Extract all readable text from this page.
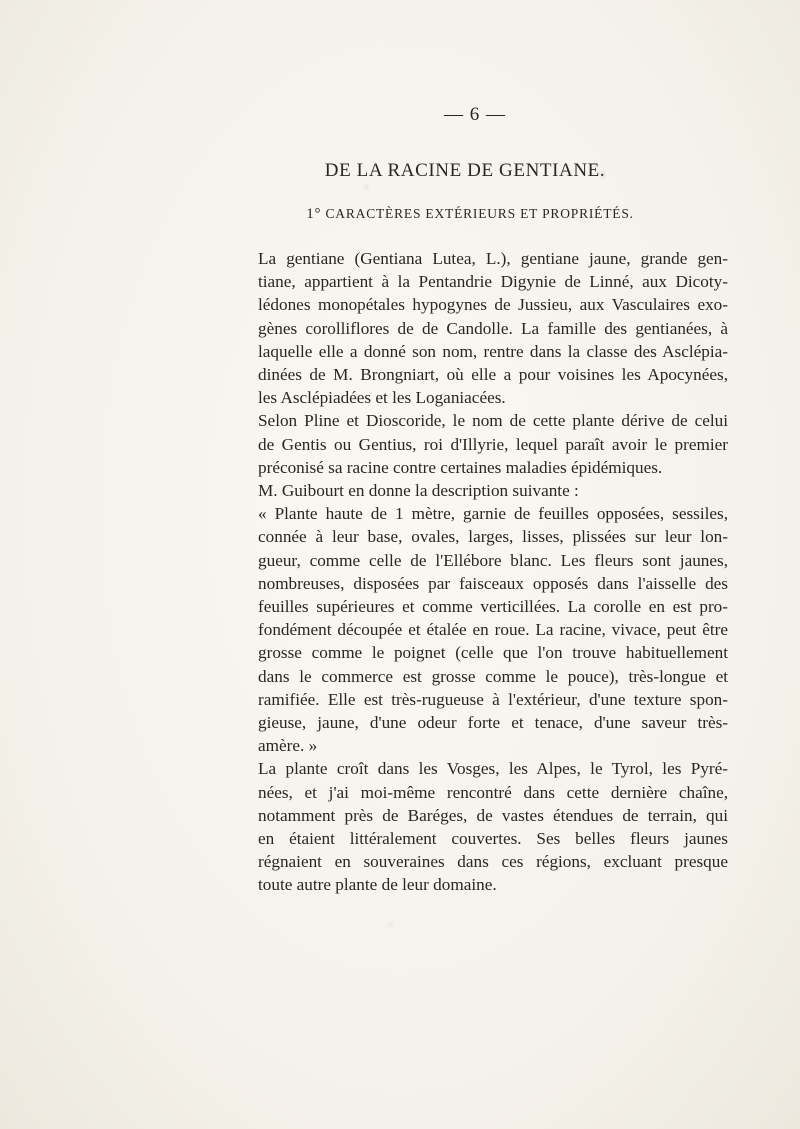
— 6 —
DE LA RACINE DE GENTIANE.
1° CARACTÈRES EXTÉRIEURS ET PROPRIÉTÉS.
La gentiane (Gentiana Lutea, L.), gentiane jaune, grande gen-
tiane, appartient à la Pentandrie Digynie de Linné, aux Dicoty-
lédones monopétales hypogynes de Jussieu, aux Vasculaires exo-
gènes corolliflores de de Candolle. La famille des gentianées, à
laquelle elle a donné son nom, rentre dans la classe des Asclépia-
dinées de M. Brongniart, où elle a pour voisines les Apocynées,
les Asclépiadées et les Loganiacées.
Selon Pline et Dioscoride, le nom de cette plante dérive de celui
de Gentis ou Gentius, roi d'Illyrie, lequel paraît avoir le premier
préconisé sa racine contre certaines maladies épidémiques.
M. Guibourt en donne la description suivante :
« Plante haute de 1 mètre, garnie de feuilles opposées, sessiles,
connée à leur base, ovales, larges, lisses, plissées sur leur lon-
gueur, comme celle de l'Ellébore blanc. Les fleurs sont jaunes,
nombreuses, disposées par faisceaux opposés dans l'aisselle des
feuilles supérieures et comme verticillées. La corolle en est pro-
fondément découpée et étalée en roue. La racine, vivace, peut être
grosse comme le poignet (celle que l'on trouve habituellement
dans le commerce est grosse comme le pouce), très-longue et
ramifiée. Elle est très-rugueuse à l'extérieur, d'une texture spon-
gieuse, jaune, d'une odeur forte et tenace, d'une saveur très-
amère. »
La plante croît dans les Vosges, les Alpes, le Tyrol, les Pyré-
nées, et j'ai moi-même rencontré dans cette dernière chaîne,
notamment près de Baréges, de vastes étendues de terrain, qui
en étaient littéralement couvertes. Ses belles fleurs jaunes
régnaient en souveraines dans ces régions, excluant presque
toute autre plante de leur domaine.
